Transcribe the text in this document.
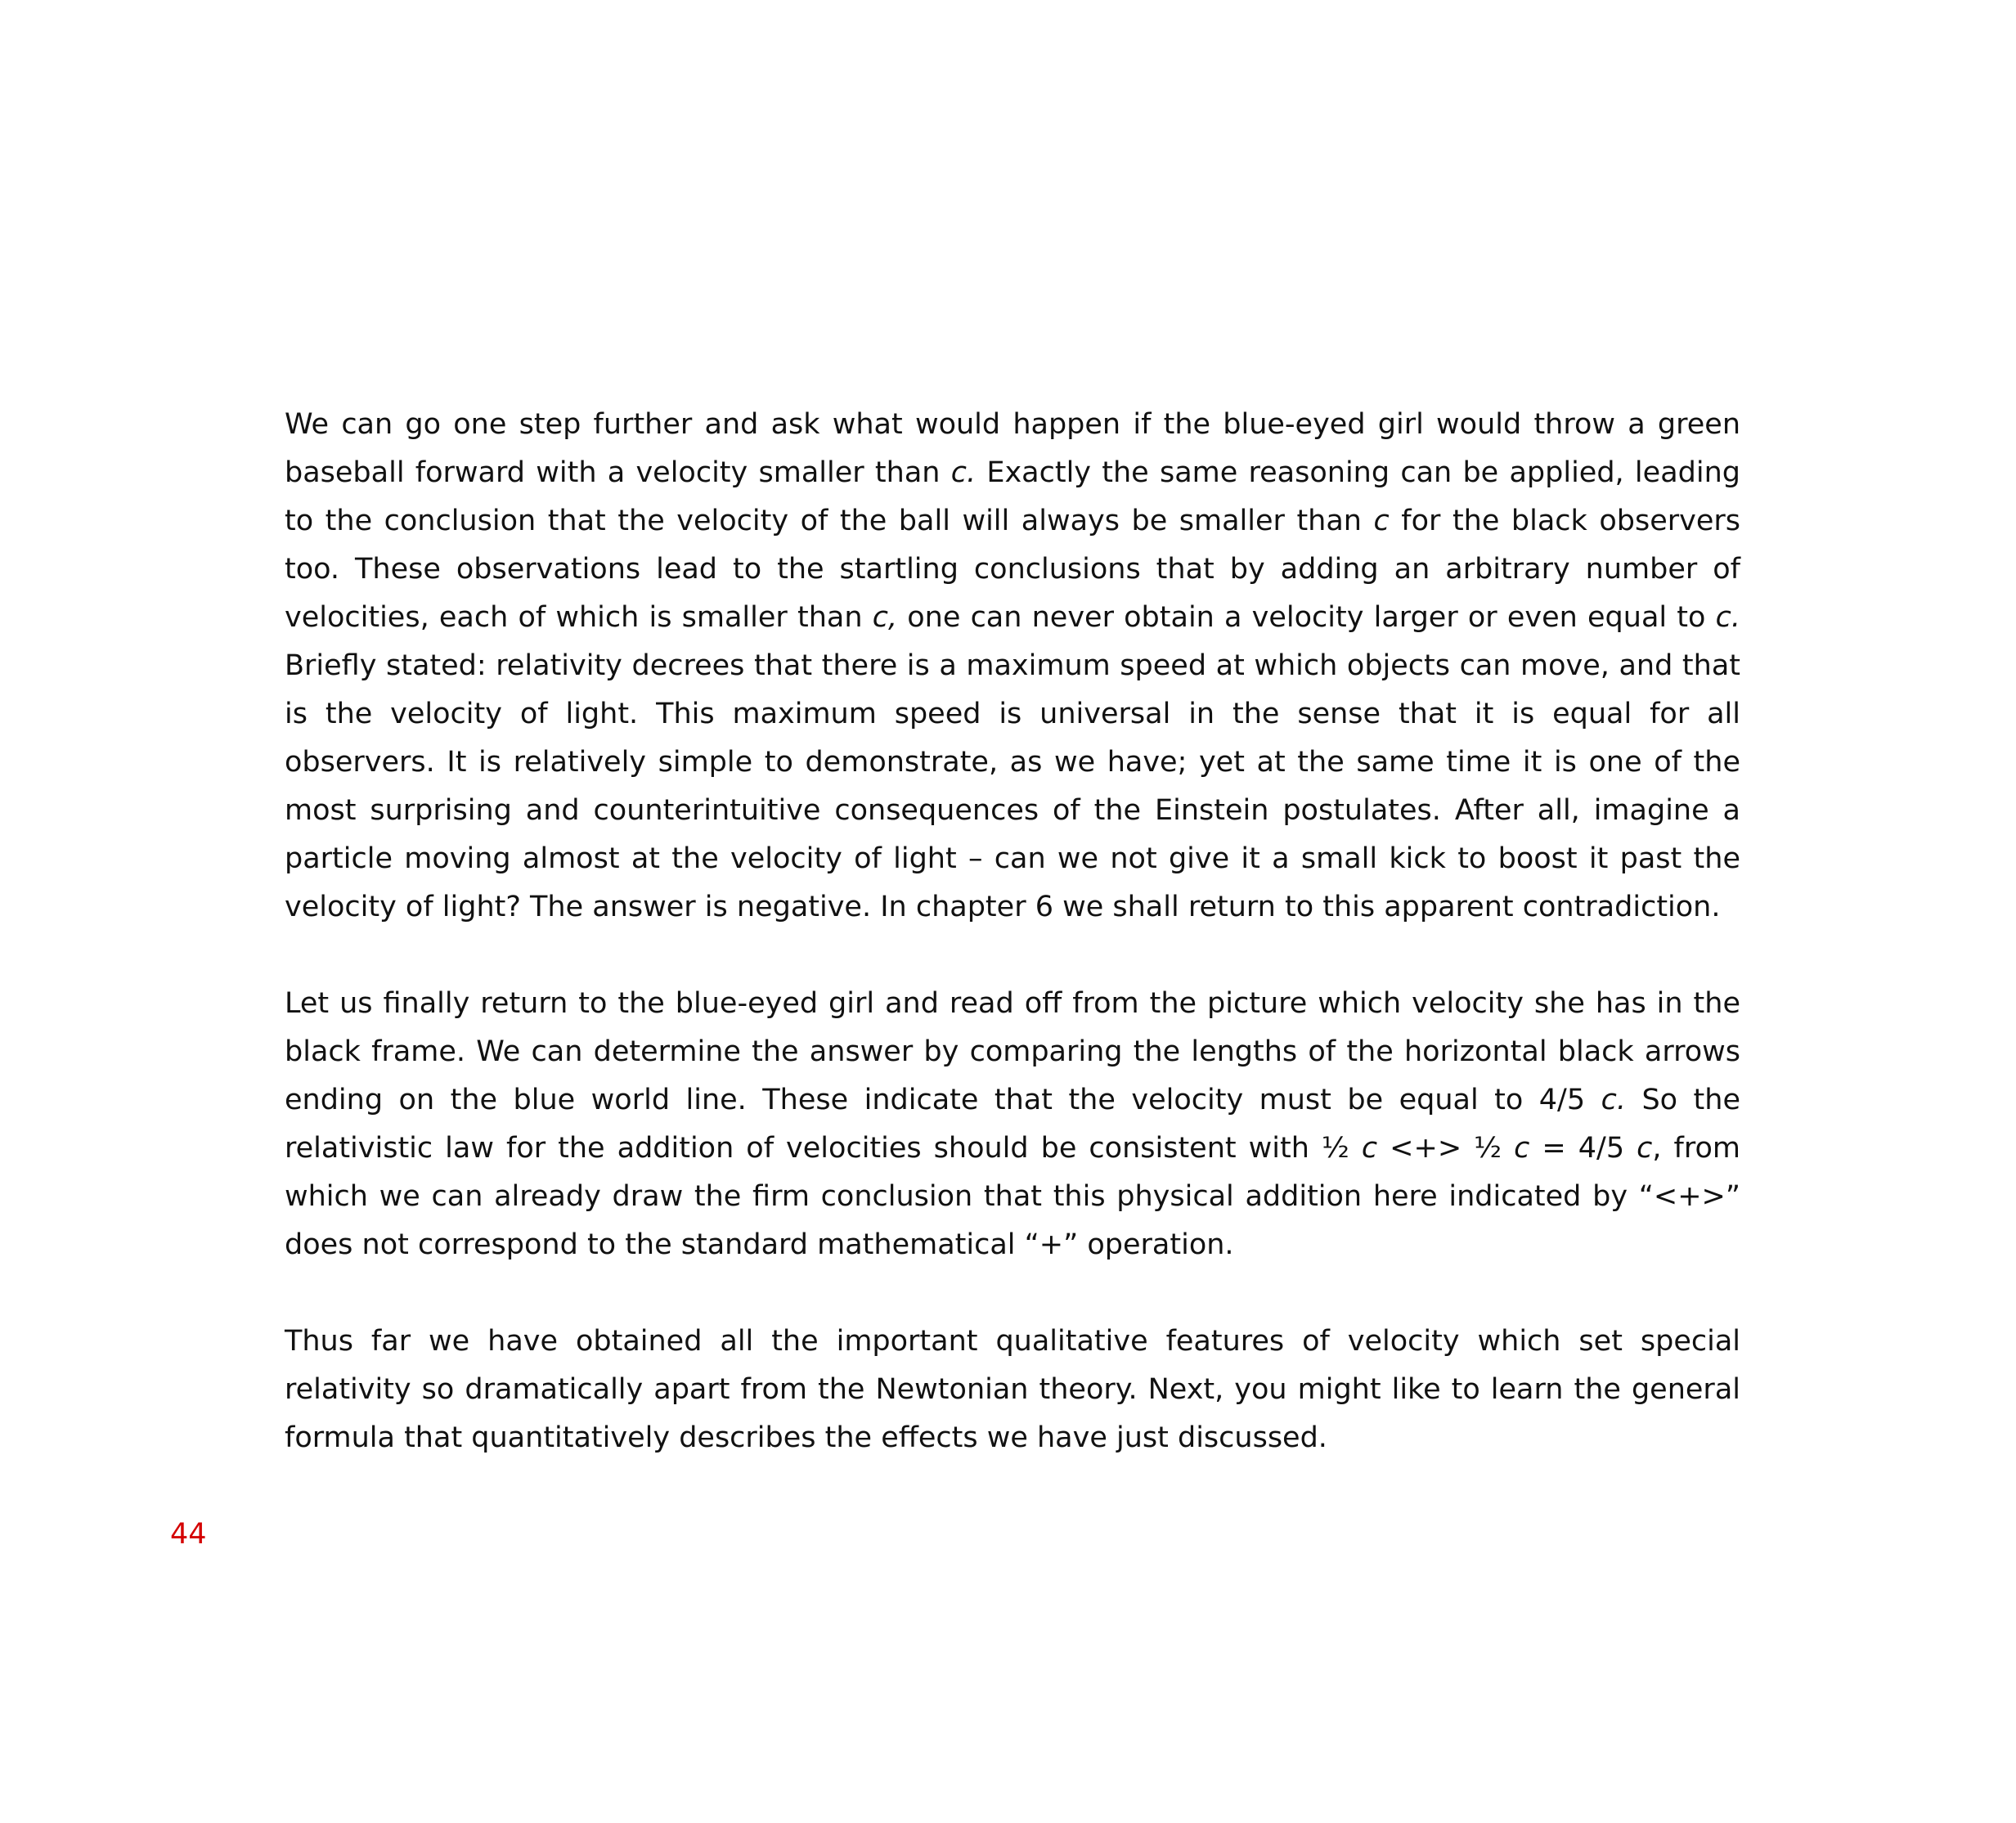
We can go one step further and ask what would happen if the blue-eyed girl would throw a green baseball forward with a velocity smaller than c. Exactly the same reasoning can be applied, leading to the conclusion that the velocity of the ball will always be smaller than c for the black observers too. These observations lead to the startling conclusions that by adding an arbitrary number of velocities, each of which is smaller than c, one can never obtain a velocity larger or even equal to c. Briefly stated: relativity decrees that there is a maximum speed at which objects can move, and that is the velocity of light. This maximum speed is universal in the sense that it is equal for all observers. It is relatively simple to demonstrate, as we have; yet at the same time it is one of the most surprising and counterintuitive consequences of the Einstein postulates. After all, imagine a particle moving almost at the velocity of light – can we not give it a small kick to boost it past the velocity of light? The answer is negative. In chapter 6 we shall return to this apparent contradiction.

Let us finally return to the blue-eyed girl and read off from the picture which velocity she has in the black frame. We can determine the answer by comparing the lengths of the horizontal black arrows ending on the blue world line. These indicate that the velocity must be equal to 4/5 c. So the relativistic law for the addition of velocities should be consistent with ½ c <+> ½ c = 4/5 c, from which we can already draw the firm conclusion that this physical addition here indicated by “<+>” does not correspond to the standard mathematical “+” operation.

Thus far we have obtained all the important qualitative features of velocity which set special relativity so dramatically apart from the Newtonian theory. Next, you might like to learn the general formula that quantitatively describes the effects we have just discussed.

44
